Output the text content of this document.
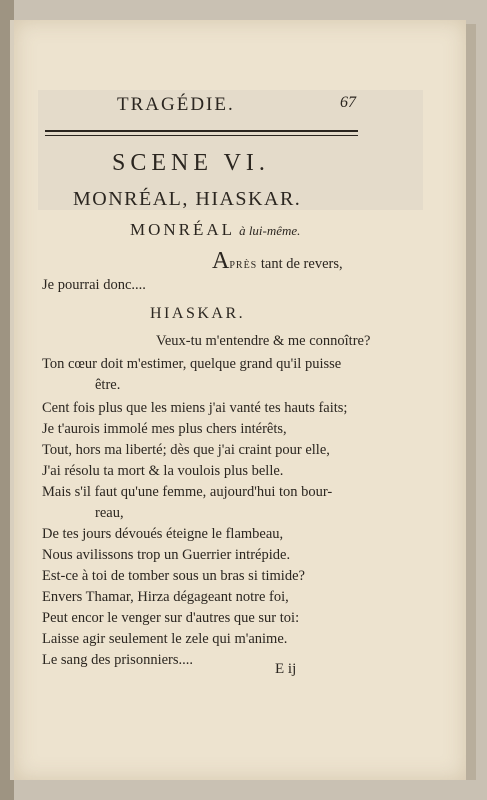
TRAGÉDIE.	67
SCENE VI.
MONRÉAL, HIASKAR.
MONRÉAL à lui-même.
APRÈS tant de revers,
Je pourrai donc....
HIASKAR.
Veux-tu m'entendre & me connoître?
Ton cœur doit m'estimer, quelque grand qu'il puisse
être.
Cent fois plus que les miens j'ai vanté tes hauts faits;
Je t'aurois immolé mes plus chers intérêts,
Tout, hors ma liberté; dès que j'ai craint pour elle,
J'ai résolu ta mort & la voulois plus belle.
Mais s'il faut qu'une femme, aujourd'hui ton bour-
reau,
De tes jours dévoués éteigne le flambeau,
Nous avilissons trop un Guerrier intrépide.
Est-ce à toi de tomber sous un bras si timide?
Envers Thamar, Hirza dégageant notre foi,
Peut encor le venger sur d'autres que sur toi:
Laisse agir seulement le zele qui m'anime.
Le sang des prisonniers....
E ij
